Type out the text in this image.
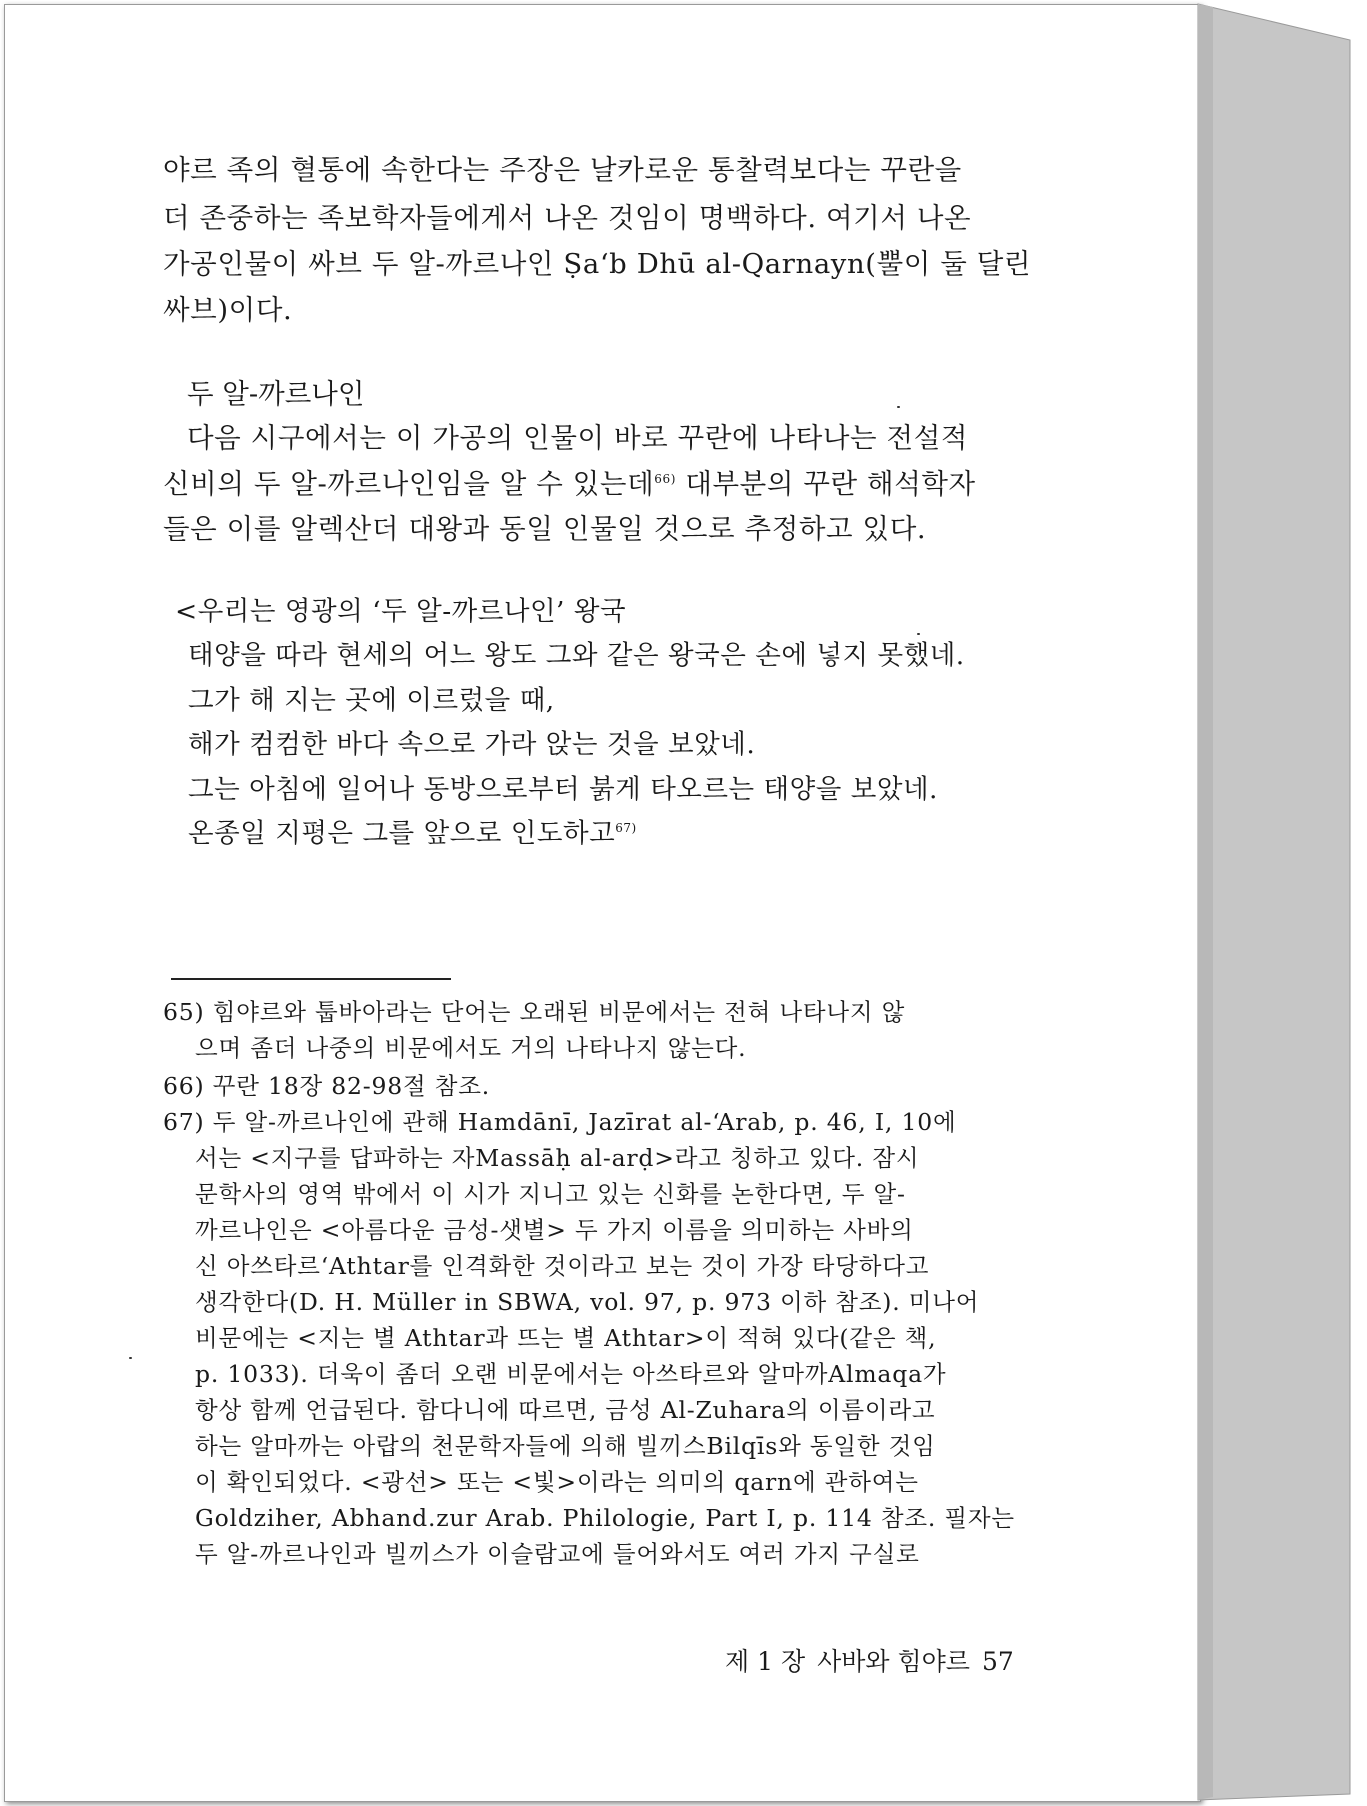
야르 족의 혈통에 속한다는 주장은 날카로운 통찰력보다는 꾸란을
더 존중하는 족보학자들에게서 나온 것임이 명백하다. 여기서 나온
가공인물이 싸브 두 알-까르나인 Ṣa‘b Dhū al-Qarnayn(뿔이 둘 달린
싸브)이다.
두 알-까르나인
다음 시구에서는 이 가공의 인물이 바로 꾸란에 나타나는 전설적
신비의 두 알-까르나인임을 알 수 있는데$^{66)}$ 대부분의 꾸란 해석학자
들은 이를 알렉산더 대왕과 동일 인물일 것으로 추정하고 있다.
<우리는 영광의 ‘두 알-까르나인’ 왕국
태양을 따라 현세의 어느 왕도 그와 같은 왕국은 손에 넣지 못했네.
그가 해 지는 곳에 이르렀을 때,
해가 컴컴한 바다 속으로 가라 앉는 것을 보았네.
그는 아침에 일어나 동방으로부터 붉게 타오르는 태양을 보았네.
온종일 지평은 그를 앞으로 인도하고$^{67)}$
65) 힘야르와 툽바아라는 단어는 오래된 비문에서는 전혀 나타나지 않
으며 좀더 나중의 비문에서도 거의 나타나지 않는다.
66) 꾸란 18장 82-98절 참조.
67) 두 알-까르나인에 관해 Hamdānī, Jazīrat al-‘Arab, p. 46, I, 10에
서는 <지구를 답파하는 자Massāḥ al-arḍ>라고 칭하고 있다. 잠시
문학사의 영역 밖에서 이 시가 지니고 있는 신화를 논한다면, 두 알-
까르나인은 <아름다운 금성-샛별> 두 가지 이름을 의미하는 사바의
신 아쓰타르‘Athtar를 인격화한 것이라고 보는 것이 가장 타당하다고
생각한다(D. H. Müller in SBWA, vol. 97, p. 973 이하 참조). 미나어
비문에는 <지는 별 Athtar과 뜨는 별 Athtar>이 적혀 있다(같은 책,
p. 1033). 더욱이 좀더 오랜 비문에서는 아쓰타르와 알마까Almaqa가
항상 함께 언급된다. 함다니에 따르면, 금성 Al-Zuhara의 이름이라고
하는 알마까는 아랍의 천문학자들에 의해 빌끼스Bilqīs와 동일한 것임
이 확인되었다. <광선> 또는 <빛>이라는 의미의 qarn에 관하여는
Goldziher, Abhand.zur Arab. Philologie, Part I, p. 114 참조. 필자는
두 알-까르나인과 빌끼스가 이슬람교에 들어와서도 여러 가지 구실로
제 1 장 사바와 힘야르 57
